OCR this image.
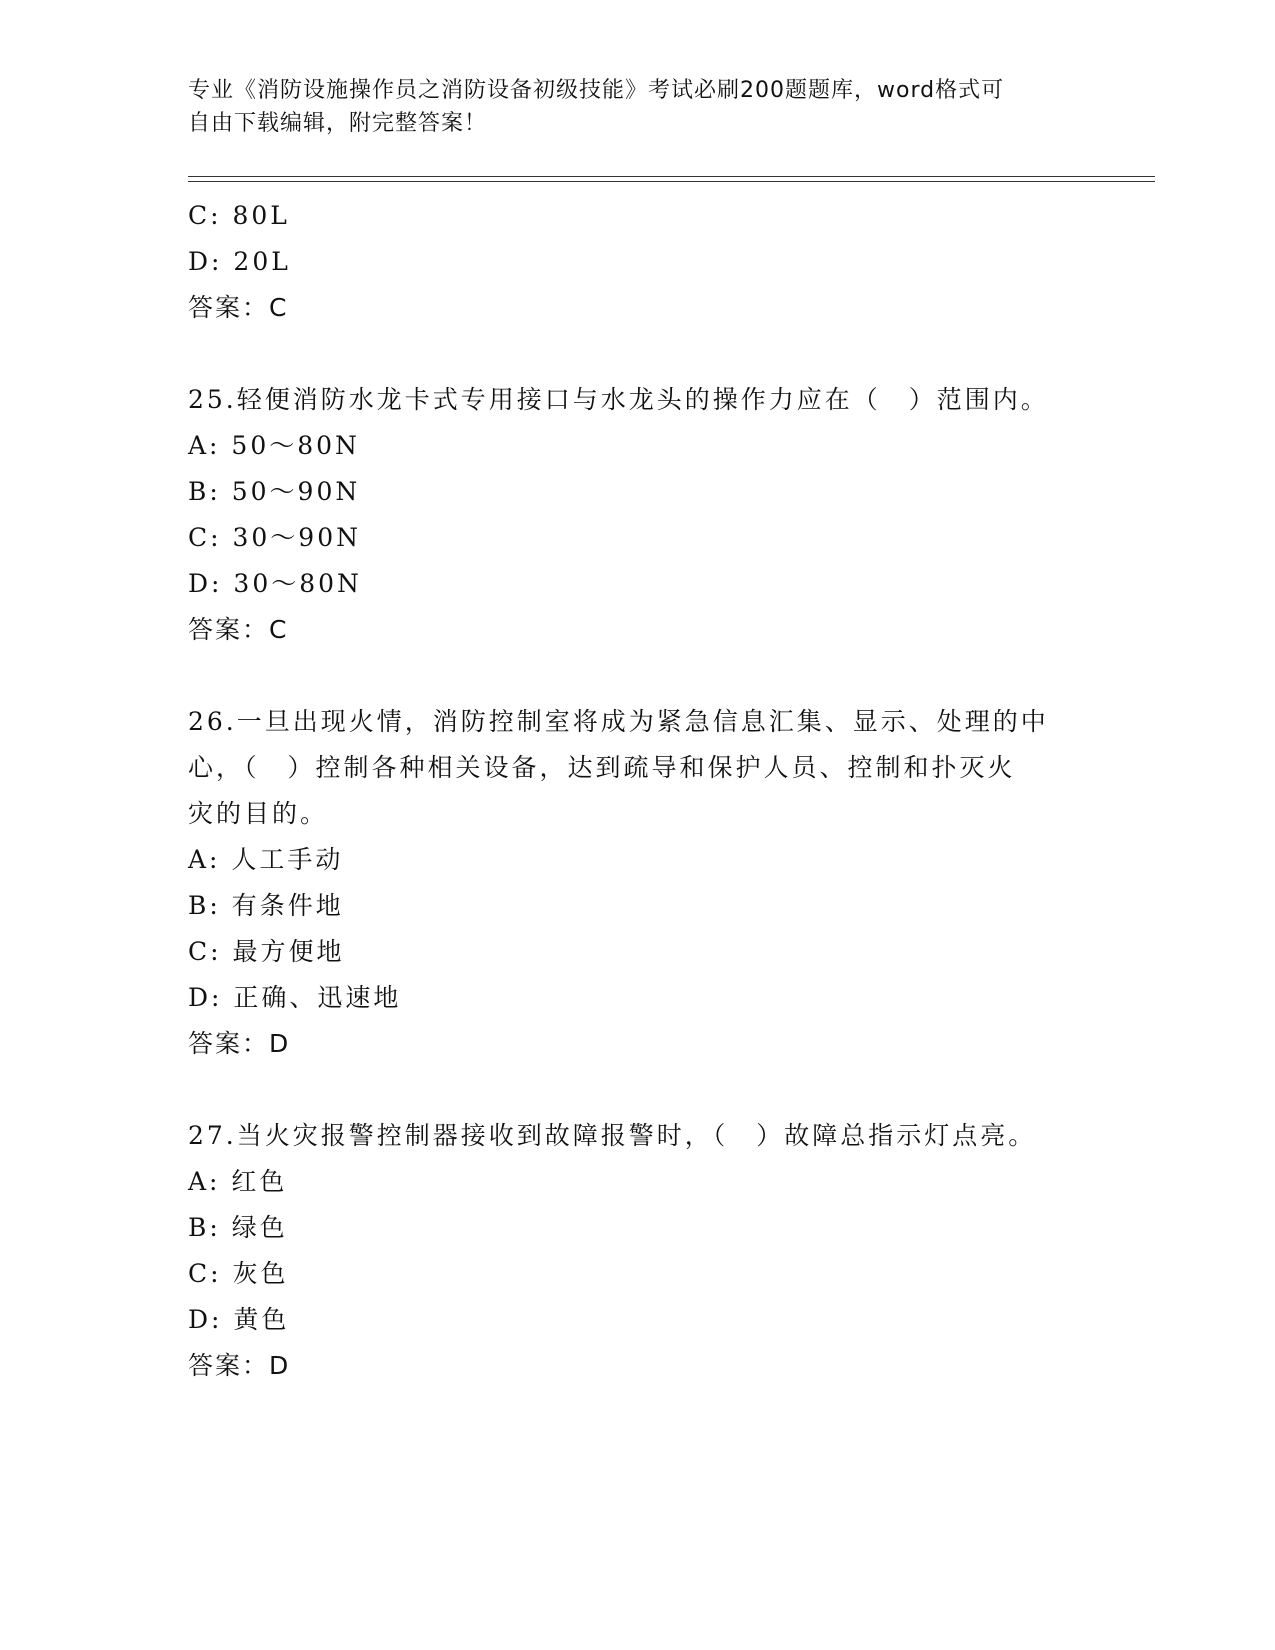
专业《消防设施操作员之消防设备初级技能》考试必刷200题题库，word格式可
自由下载编辑，附完整答案！
C: 80L
D: 20L
答案：C
25.轻便消防水龙卡式专用接口与水龙头的操作力应在（　）范围内。
A: 50～80N
B: 50～90N
C: 30～90N
D: 30～80N
答案：C
26.一旦出现火情，消防控制室将成为紧急信息汇集、显示、处理的中
心，（　）控制各种相关设备，达到疏导和保护人员、控制和扑灭火
灾的目的。
A: 人工手动
B: 有条件地
C: 最方便地
D: 正确、迅速地
答案：D
27.当火灾报警控制器接收到故障报警时，（　）故障总指示灯点亮。
A: 红色
B: 绿色
C: 灰色
D: 黄色
答案：D
